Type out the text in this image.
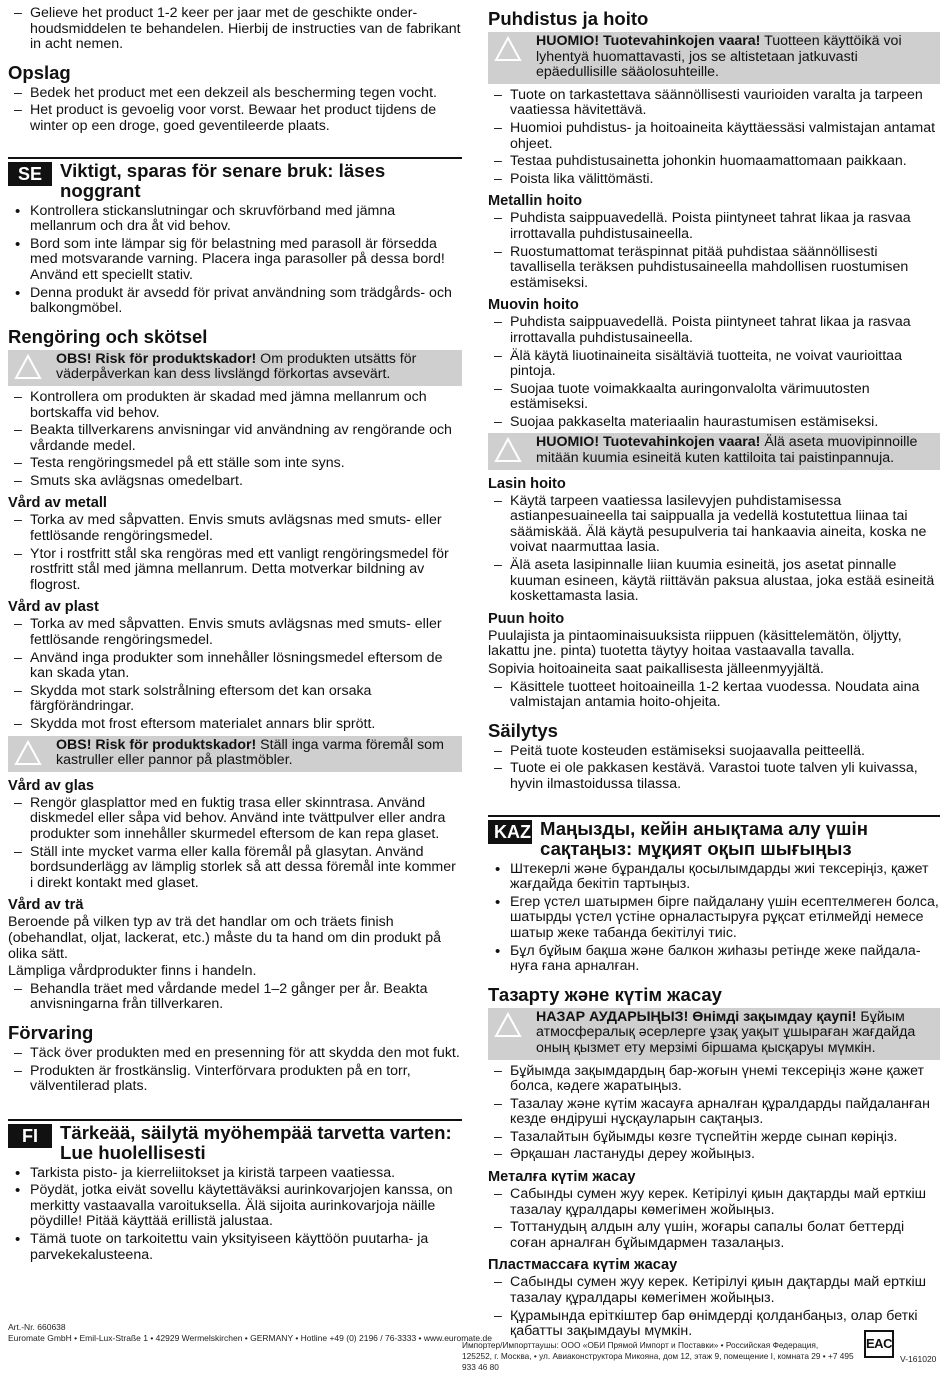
– Gelieve het product 1-2 keer per jaar met de geschikte onderhoudsmiddelen te behandelen. Hierbij de instructies van de fabrikant in acht nemen.
Opslag
– Bedek het product met een dekzeil als bescherming tegen vocht.
– Het product is gevoelig voor vorst. Bewaar het product tijdens de winter op een droge, goed geventileerde plaats.
SE Viktigt, sparas för senare bruk: läses noggrant
• Kontrollera stickanslutningar och skruvförband med jämna mellanrum och dra åt vid behov.
• Bord som inte lämpar sig för belastning med parasoll är försedda med motsvarande varning. Placera inga parasoller på dessa bord! Använd ett speciellt stativ.
• Denna produkt är avsedd för privat användning som trädgårds- och balkongmöbel.
Rengöring och skötsel
OBS! Risk för produktskador! Om produkten utsätts för väderpåverkan kan dess livslängd förkortas avsevärt.
– Kontrollera om produkten är skadad med jämna mellanrum och bortskaffa vid behov.
– Beakta tillverkarens anvisningar vid användning av rengörande och vårdande medel.
– Testa rengöringsmedel på ett ställe som inte syns.
– Smuts ska avlägsnas omedelbart.
Vård av metall
– Torka av med såpvatten. Envis smuts avlägsnas med smuts- eller fettlösande rengöringsmedel.
– Ytor i rostfritt stål ska rengöras med ett vanligt rengöringsmedel för rostfritt stål med jämna mellanrum. Detta motverkar bildning av flogrost.
Vård av plast
– Torka av med såpvatten. Envis smuts avlägsnas med smuts- eller fettlösande rengöringsmedel.
– Använd inga produkter som innehåller lösningsmedel eftersom de kan skada ytan.
– Skydda mot stark solstrålning eftersom det kan orsaka färgförändringar.
– Skydda mot frost eftersom materialet annars blir sprött.
OBS! Risk för produktskador! Ställ inga varma föremål som kastruller eller pannor på plastmöbler.
Vård av glas
– Rengör glasplattor med en fuktig trasa eller skinntrasa. Använd diskmedel eller såpa vid behov. Använd inte tvättpulver eller andra produkter som innehåller skurmedel eftersom de kan repa glaset.
– Ställ inte mycket varma eller kalla föremål på glasytan. Använd bordsunderlägg av lämplig storlek så att dessa föremål inte kommer i direkt kontakt med glaset.
Vård av trä

Beroende på vilken typ av trä det handlar om och träets finish (obehandlat, oljat, lackerat, etc.) måste du ta hand om din produkt på olika sätt.

Lämpliga vårdprodukter finns i handeln.

– Behandla träet med vårdande medel 1–2 gånger per år. Beakta anvisningarna från tillverkaren.
Förvaring
– Täck över produkten med en presenning för att skydda den mot fukt.
– Produkten är frostkänslig. Vinterförvara produkten på en torr, välventilerad plats.
FI	Tärkeää, säilytä myöhempää tarvetta varten: Lue huolellisesti
• Tarkista pisto- ja kierreliitokset ja kiristä tarpeen vaatiessa.
• Pöydät, jotka eivät sovellu käytettäväksi aurinkovarjojen kanssa, on merkitty vastaavalla varoituksella. Älä sijoita aurinkovarjoja näille pöydille! Pitää käyttää erillistä jalustaa.
• Tämä tuote on tarkoitettu vain yksityiseen käyttöön puutarha- ja parvekekalusteena.
Puhdistus ja hoito
HUOMIO! Tuotevahinkojen vaara! Tuotteen käyttöikä voi lyhentyä huomattavasti, jos se altistetaan jatkuvasti epäedullisille sääolosuhteille.
– Tuote on tarkastettava säännöllisesti vaurioiden varalta ja tarpeen vaatiessa hävitettävä.
– Huomioi puhdistus- ja hoitoaineita käyttäessäsi valmistajan antamat ohjeet.
– Testaa puhdistusainetta johonkin huomaamattomaan paikkaan.
– Poista lika välittömästi.
Metallin hoito
– Puhdista saippuavedellä. Poista piintyneet tahrat likaa ja rasvaa irrottavalla puhdistusaineella.
– Ruostumattomat teräspinnat pitää puhdistaa säännöllisesti tavallisella teräksen puhdistusaineella mahdollisen ruostumisen estämiseksi.
Muovin hoito
– Puhdista saippuavedellä. Poista piintyneet tahrat likaa ja rasvaa irrottavalla puhdistusaineella.
– Älä käytä liuotinaineita sisältäviä tuotteita, ne voivat vaurioittaa pintoja.
– Suojaa tuote voimakkaalta auringonvalolta värimuutosten estämiseksi.
– Suojaa pakkaselta materiaalin haurastumisen estämiseksi.
HUOMIO! Tuotevahinkojen vaara! Älä aseta muovipinnoille mitään kuumia esineitä kuten kattiloita tai paistinpannuja.
Lasin hoito
– Käytä tarpeen vaatiessa lasilevyjen puhdistamisessa astianpesuaineella tai saippualla ja vedellä kostutettua liinaa tai säämiskää. Älä käytä pesupulveria tai hankaavia aineita, koska ne voivat naarmuttaa lasia.
– Älä aseta lasipinnalle liian kuumia esineitä, jos asetat pinnalle kuuman esineen, käytä riittävän paksua alustaa, joka estää esineitä koskettamasta lasia.
Puun hoito

Puulajista ja pintaominaisuuksista riippuen (käsittelemätön, öljytty, lakattu jne. pinta) tuotetta täytyy hoitaa vastaavalla tavalla.

Sopivia hoitoaineita saat paikallisesta jälleenmyyjältä.

– Käsittele tuotteet hoitoaineilla 1-2 kertaa vuodessa. Noudata aina valmistajan antamia hoito-ohjeita.
Säilytys
– Peitä tuote kosteuden estämiseksi suojaavalla peitteellä.
– Tuote ei ole pakkasen kestävä. Varastoi tuote talven yli kuivassa, hyvin ilmastoidussa tilassa.
KAZ Маңызды, кейін анықтама алу үшін сақтаңыз: мұқият оқып шығыңыз
• Штекерлі және бұрандалы қосылымдарды жиі тексеріңіз, қажет жағдайда бекітіп тартыңыз.
• Егер үстел шатырмен бірге пайдалану үшін есептелмеген болса, шатырды үстел үстіне орналастыруға рұқсат етілмейді немесе шатыр жеке табанда бекітілуі тиіс.
• Бұл бұйым бақша және балкон жиһазы ретінде жеке пайдалануға ғана арналған.
Тазарту және күтім жасау
НАЗАР АУДАРЫҢЫЗ! Өнімді зақымдау қаупі! Бұйым атмосфералық әсерлерге ұзақ уақыт ұшыраған жағдайда оның қызмет ету мерзімі біршама қысқаруы мүмкін.
– Бұйымда зақымдардың бар-жоғын үнемі тексеріңіз және қажет болса, кәдеге жаратыңыз.
– Тазалау және күтім жасауға арналған құралдарды пайдаланған кезде өндіруші нұсқауларын сақтаңыз.
– Тазалайтын бұйымды көзге түспейтін жерде сынап көріңіз.
– Әрқашан ластануды дереу жойыңыз.
Металға күтім жасау
– Сабынды сумен жуу керек. Кетірілуі қиын дақтарды май ерткіш тазалау құралдары көмегімен жойыңыз.
– Тоттанудың алдын алу үшін, жоғары сапалы болат беттерді соған арналған бұйымдармен тазалаңыз.
Пластмассаға күтім жасау
– Сабынды сумен жуу керек. Кетірілуі қиын дақтарды май ерткіш тазалау құралдары көмегімен жойыңыз.
– Құрамында еріткіштер бар өнімдерді қолданбаңыз, олар беткі қабатты зақымдауы мүмкін.
Art.-Nr. 660638
Euromate GmbH • Emil-Lux-Straße 1 • 42929 Wermelskirchen • GERMANY • Hotline +49 (0) 2196 / 76-3333 • www.euromate.de
Импортер/Импорттаушы: ООО «ОБИ Прямой Импорт и Поставки» • Российская Федерация,
125252, г. Москва, • ул. Авиаконструктора Микояна, дом 12, этаж 9, помещение I, комната 29 • +7 495 933 46 80
EAC
V-161020
